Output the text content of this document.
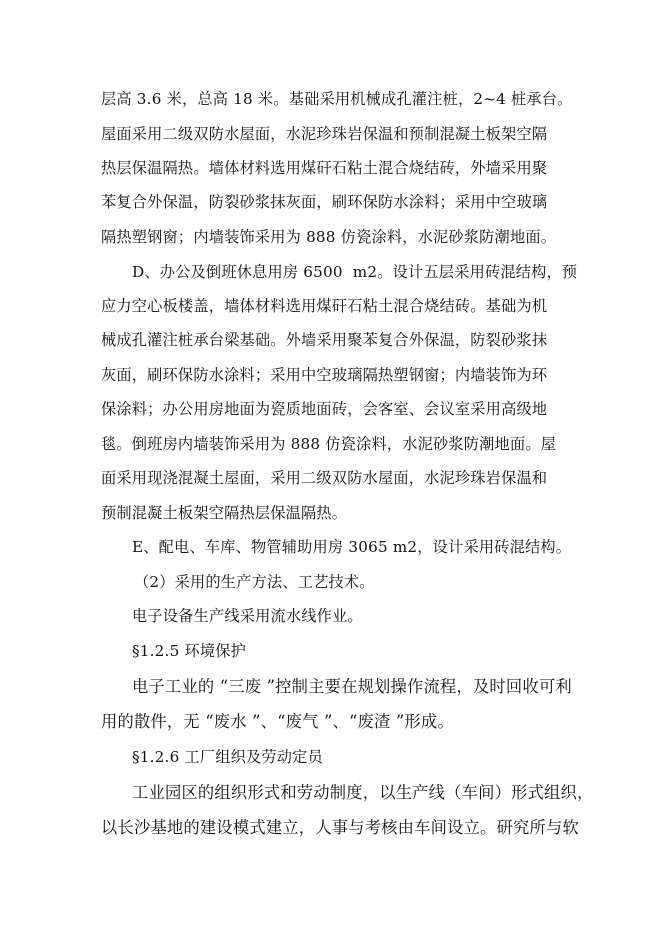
层高 3.6 米，总高 18 米。基础采用机械成孔灌注桩，2~4 桩承台。
屋面采用二级双防水屋面，水泥珍珠岩保温和预制混凝土板架空隔
热层保温隔热。墙体材料选用煤矸石粘土混合烧结砖，外墙采用聚
苯复合外保温，防裂砂浆抹灰面，刷环保防水涂料；采用中空玻璃
隔热塑钢窗；内墙装饰采用为 888 仿瓷涂料，水泥砂浆防潮地面。
D、办公及倒班休息用房 6500  m2。设计五层采用砖混结构，预
应力空心板楼盖，墙体材料选用煤矸石粘土混合烧结砖。基础为机
械成孔灌注桩承台梁基础。外墙采用聚苯复合外保温，防裂砂浆抹
灰面，刷环保防水涂料；采用中空玻璃隔热塑钢窗；内墙装饰为环
保涂料；办公用房地面为瓷质地面砖，会客室、会议室采用高级地
毯。倒班房内墙装饰采用为 888 仿瓷涂料，水泥砂浆防潮地面。屋
面采用现浇混凝土屋面，采用二级双防水屋面，水泥珍珠岩保温和
预制混凝土板架空隔热层保温隔热。
E、配电、车库、物管辅助用房 3065 m2，设计采用砖混结构。
（2）采用的生产方法、工艺技术。
电子设备生产线采用流水线作业。
§1.2.5 环境保护
电子工业的 “三废 ”控制主要在规划操作流程，及时回收可利
用的散件，无 “废水 ”、“废气 ”、“废渣 ”形成。
§1.2.6 工厂组织及劳动定员
工业园区的组织形式和劳动制度，以生产线（车间）形式组织，
以长沙基地的建设模式建立，人事与考核由车间设立。研究所与软
